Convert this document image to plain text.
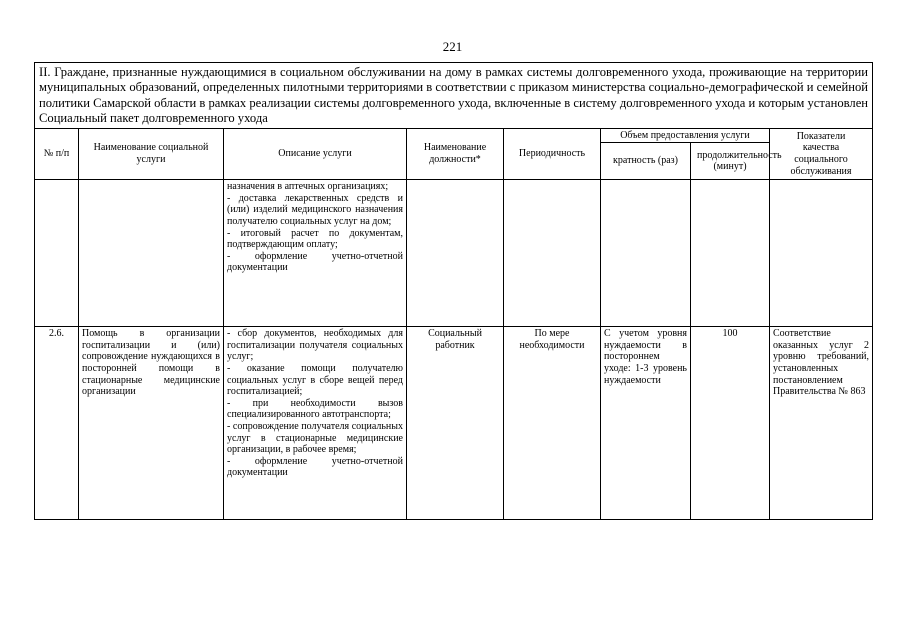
221
II. Граждане, признанные нуждающимися в социальном обслуживании на дому в рамках системы долговременного ухода, проживающие на территории муниципальных образований, определенных пилотными территориями в соответствии с приказом министерства социально-демографической и семейной политики Самарской области в рамках реализации системы долговременного ухода, включенные в систему долговременного ухода и которым установлен Социальный пакет долговременного ухода							
№ п/п	Наименование социальной услуги	Описание услуги	Наименование должности*	Периодичность	Объем предоставления услуги		Показатели качества социального обслуживания
					кратность (раз)	продолжительность (минут)	

		назначения в аптечных организациях;
- доставка лекарственных средств и (или) изделий медицинского назначения получателю социальных услуг на дом;
- итоговый расчет по документам, подтверждающим оплату;
- оформление учетно-отчетной документации					

2.6.	Помощь в организации госпитализации и (или) сопровождение нуждающихся в посторонней помощи в стационарные медицинские организации	- сбор документов, необходимых для госпитализации получателя социальных услуг;
- оказание помощи получателю социальных услуг в сборе вещей перед госпитализацией;
- при необходимости вызов специализированного автотранспорта;
- сопровождение получателя социальных услуг в стационарные медицинские организации, в рабочее время;
- оформление учетно-отчетной документации	Социальный работник	По мере необходимости	С учетом уровня нуждаемости в постороннем уходе: 1-3 уровень нуждаемости	100	Соответствие оказанных услуг 2 уровню требований, установленных постановлением Правительства № 863
